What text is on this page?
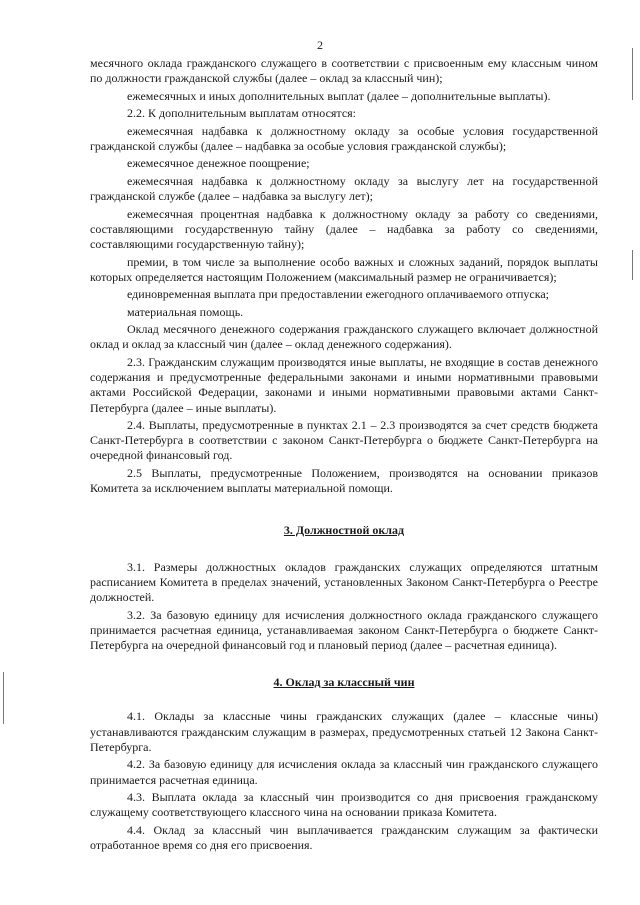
2

месячного оклада гражданского служащего в соответствии с присвоенным ему классным чином по должности гражданской службы (далее – оклад за классный чин);

ежемесячных и иных дополнительных выплат (далее – дополнительные выплаты).

2.2. К дополнительным выплатам относятся:

ежемесячная надбавка к должностному окладу за особые условия государственной гражданской службы (далее – надбавка за особые условия гражданской службы);

ежемесячное денежное поощрение;

ежемесячная надбавка к должностному окладу за выслугу лет на государственной гражданской службе (далее – надбавка за выслугу лет);

ежемесячная процентная надбавка к должностному окладу за работу со сведениями, составляющими государственную тайну (далее – надбавка за работу со сведениями, составляющими государственную тайну);

премии, в том числе за выполнение особо важных и сложных заданий, порядок выплаты которых определяется настоящим Положением (максимальный размер не ограничивается);

единовременная выплата при предоставлении ежегодного оплачиваемого отпуска;

материальная помощь.

Оклад месячного денежного содержания гражданского служащего включает должностной оклад и оклад за классный чин (далее – оклад денежного содержания).

2.3. Гражданским служащим производятся иные выплаты, не входящие в состав денежного содержания и предусмотренные федеральными законами и иными нормативными правовыми актами Российской Федерации, законами и иными нормативными правовыми актами Санкт-Петербурга (далее – иные выплаты).

2.4. Выплаты, предусмотренные в пунктах 2.1 – 2.3 производятся за счет средств бюджета Санкт-Петербурга в соответствии с законом Санкт-Петербурга о бюджете Санкт-Петербурга на очередной финансовый год.

2.5 Выплаты, предусмотренные Положением, производятся на основании приказов Комитета за исключением выплаты материальной помощи.

3. Должностной оклад

3.1. Размеры должностных окладов гражданских служащих определяются штатным расписанием Комитета в пределах значений, установленных Законом Санкт-Петербурга о Реестре должностей.

3.2. За базовую единицу для исчисления должностного оклада гражданского служащего принимается расчетная единица, устанавливаемая законом Санкт-Петербурга о бюджете Санкт-Петербурга на очередной финансовый год и плановый период (далее – расчетная единица).

4. Оклад за классный чин

4.1. Оклады за классные чины гражданских служащих (далее – классные чины) устанавливаются гражданским служащим в размерах, предусмотренных статьей 12 Закона Санкт-Петербурга.

4.2. За базовую единицу для исчисления оклада за классный чин гражданского служащего принимается расчетная единица.

4.3. Выплата оклада за классный чин производится со дня присвоения гражданскому служащему соответствующего классного чина на основании приказа Комитета.

4.4. Оклад за классный чин выплачивается гражданским служащим за фактически отработанное время со дня его присвоения.
